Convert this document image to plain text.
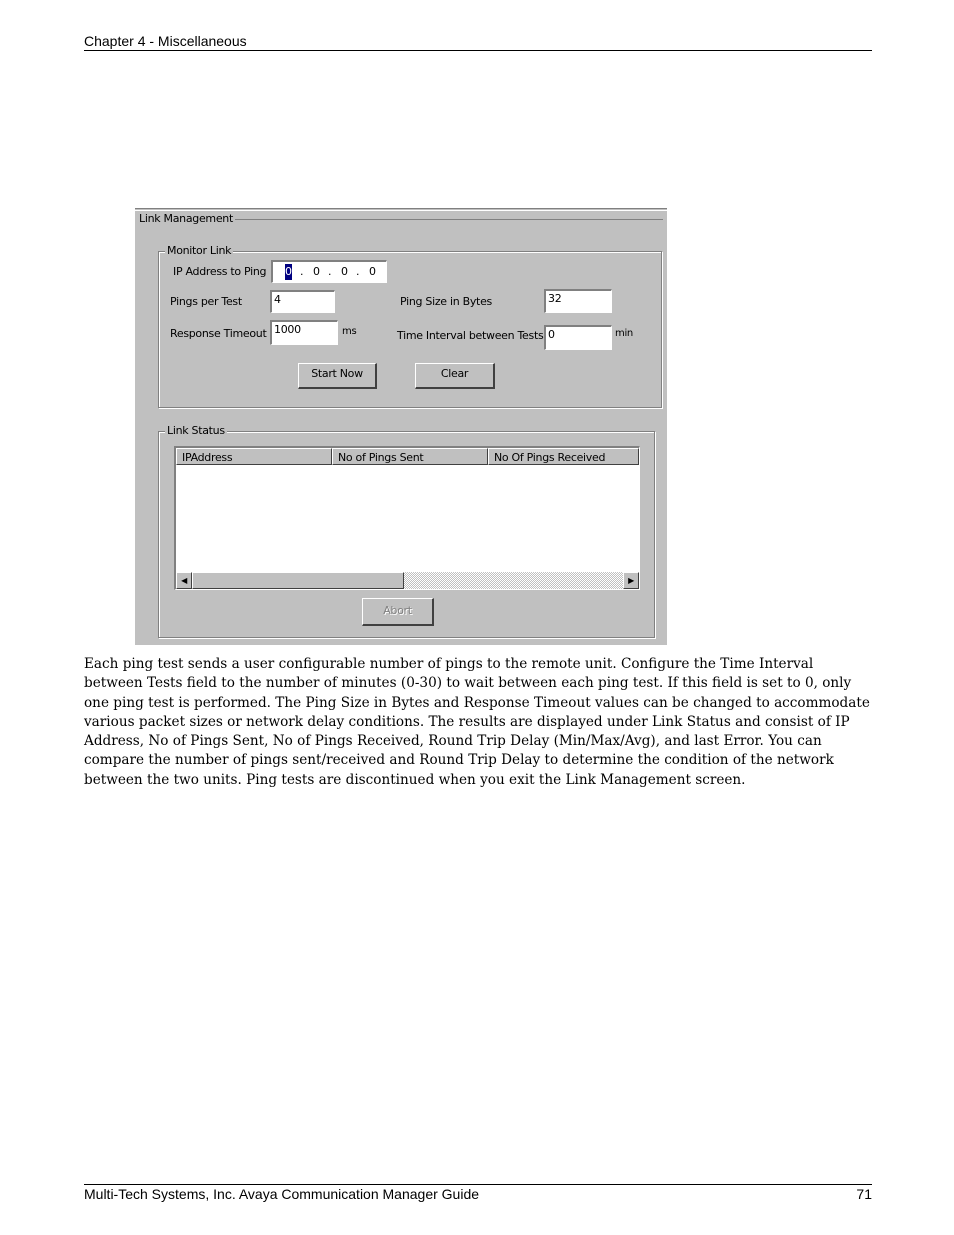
Chapter 4 - Miscellaneous
Link Management
Monitor Link
IP Address to Ping 0 . 0 . 0 . 0
Pings per Test	4	Ping Size in Bytes	32
Response Timeout 1000	ms	Time Interval between Tests 0	min
Start Now	Clear
Link Status
IPAddress	No of Pings Sent	No Of Pings Received
◀	▶
Abort
Each ping test sends a user configurable number of pings to the remote unit. Configure the Time Interval between Tests field to the number of minutes (0-30) to wait between each ping test. If this field is set to 0, only one ping test is performed. The Ping Size in Bytes and Response Timeout values can be changed to accommodate various packet sizes or network delay conditions. The results are displayed under Link Status and consist of IP Address, No of Pings Sent, No of Pings Received, Round Trip Delay (Min/Max/Avg), and last Error. You can compare the number of pings sent/received and Round Trip Delay to determine the condition of the network between the two units. Ping tests are discontinued when you exit the Link Management screen.
Multi-Tech Systems, Inc. Avaya Communication Manager Guide	71
